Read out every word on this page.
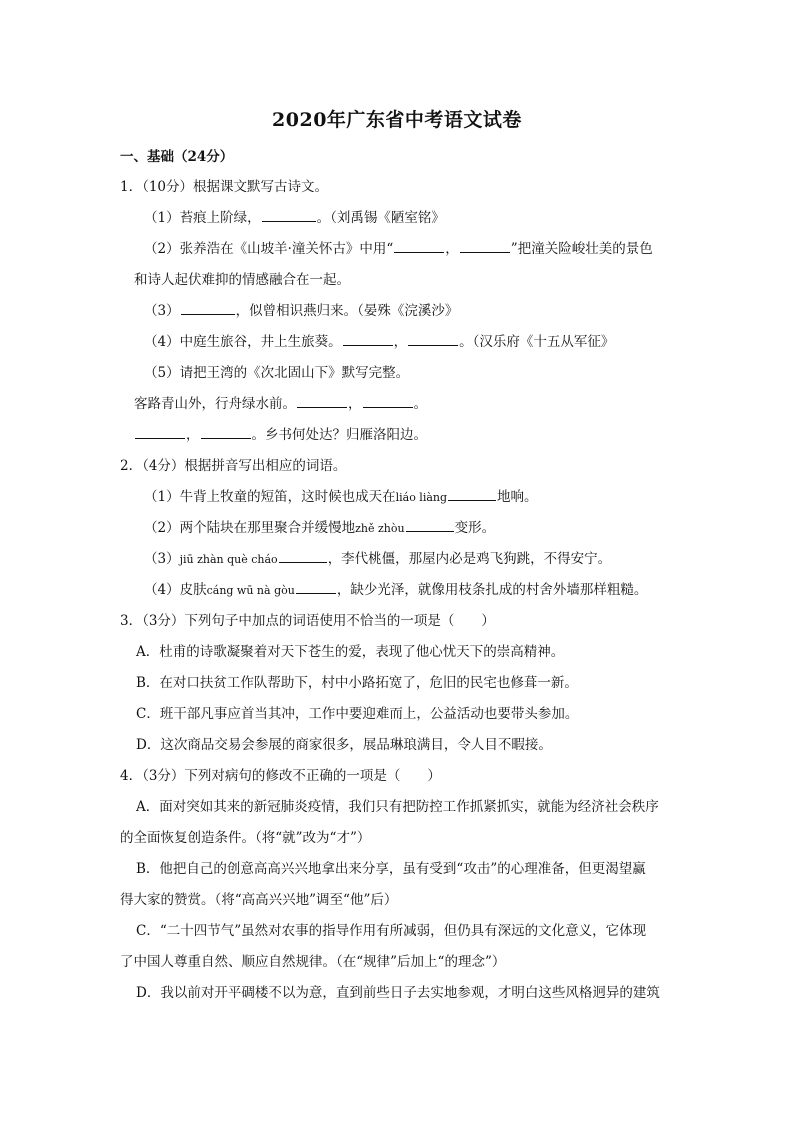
2020年广东省中考语文试卷
一、基础（24分）
1．（10分）根据课文默写古诗文。
（1）苔痕上阶绿，	。（刘禹锡《陋室铭》
（2）张养浩在《山坡羊·潼关怀古》中用“	，	”把潼关险峻壮美的景色
和诗人起伏难抑的情感融合在一起。
（3）	，似曾相识燕归来。（晏殊《浣溪沙》
（4）中庭生旅谷，井上生旅葵。	，	。（汉乐府《十五从军征》
（5）请把王湾的《次北固山下》默写完整。
客路青山外，行舟绿水前。	，	。
，	。乡书何处达？归雁洛阳边。
2．（4分）根据拼音写出相应的词语。
（1）牛背上牧童的短笛，这时候也成天在liáo liàng	地响。
（2）两个陆块在那里聚合并缓慢地zhě zhòu	变形。
（3）jiū zhàn què cháo	，李代桃僵，那屋内必是鸡飞狗跳，不得安宁。
（4）皮肤cáng wū nà gòu	，缺少光泽，就像用枝条扎成的村舍外墙那样粗糙。
3．（3分）下列句子中加点的词语使用不恰当的一项是（　　）
A．杜甫的诗歌凝聚着对天下苍生的爱，表现了他心忧天下的崇高精神。
B．在对口扶贫工作队帮助下，村中小路拓宽了，危旧的民宅也修葺一新。
C．班干部凡事应首当其冲，工作中要迎难而上，公益活动也要带头参加。
D．这次商品交易会参展的商家很多，展品琳琅满目，令人目不暇接。
4．（3分）下列对病句的修改不正确的一项是（　　）
A．面对突如其来的新冠肺炎疫情，我们只有把防控工作抓紧抓实，就能为经济社会秩序
的全面恢复创造条件。（将“就”改为“才”）
B．他把自己的创意高高兴兴地拿出来分享，虽有受到“攻击”的心理准备，但更渴望赢
得大家的赞赏。（将“高高兴兴地”调至“他”后）
C．“二十四节气”虽然对农事的指导作用有所减弱，但仍具有深远的文化意义，它体现
了中国人尊重自然、顺应自然规律。（在“规律”后加上“的理念”）
D．我以前对开平碉楼不以为意，直到前些日子去实地参观，才明白这些风格迥异的建筑
